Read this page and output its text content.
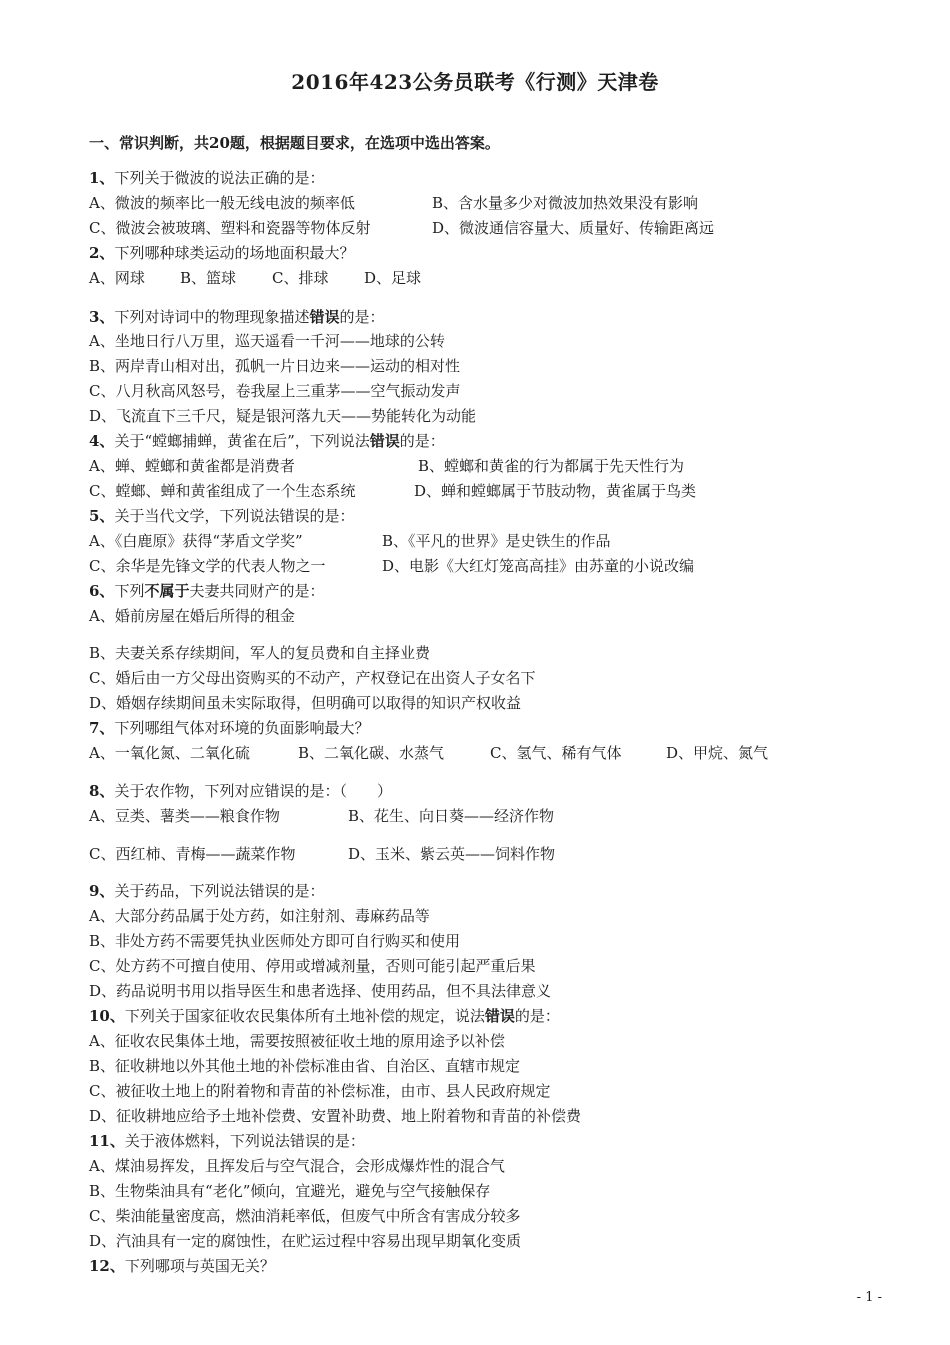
2016年423公务员联考《行测》天津卷
一、常识判断，共20题，根据题目要求，在选项中选出答案。
1、下列关于微波的说法正确的是：
A、微波的频率比一般无线电波的频率低	B、含水量多少对微波加热效果没有影响
C、微波会被玻璃、塑料和瓷器等物体反射	D、微波通信容量大、质量好、传输距离远
2、下列哪种球类运动的场地面积最大？
A、网球 B、篮球 C、排球 D、足球
3、下列对诗词中的物理现象描述错误的是：
A、坐地日行八万里，巡天遥看一千河——地球的公转
B、两岸青山相对出，孤帆一片日边来——运动的相对性
C、八月秋高风怒号，卷我屋上三重茅——空气振动发声
D、飞流直下三千尺，疑是银河落九天——势能转化为动能
4、关于“螳螂捕蝉，黄雀在后”，下列说法错误的是：
A、蝉、螳螂和黄雀都是消费者	B、螳螂和黄雀的行为都属于先天性行为
C、螳螂、蝉和黄雀组成了一个生态系统	D、蝉和螳螂属于节肢动物，黄雀属于鸟类
5、关于当代文学，下列说法错误的是：
A、《白鹿原》获得“茅盾文学奖”	B、《平凡的世界》是史铁生的作品
C、余华是先锋文学的代表人物之一	D、电影《大红灯笼高高挂》由苏童的小说改编
6、下列不属于夫妻共同财产的是：
A、婚前房屋在婚后所得的租金
B、夫妻关系存续期间，军人的复员费和自主择业费
C、婚后由一方父母出资购买的不动产，产权登记在出资人子女名下
D、婚姻存续期间虽未实际取得，但明确可以取得的知识产权收益
7、下列哪组气体对环境的负面影响最大？
A、一氧化氮、二氧化硫	B、二氧化碳、水蒸气	C、氢气、稀有气体	D、甲烷、氮气
8、关于农作物，下列对应错误的是：（　　）
A、豆类、薯类——粮食作物	B、花生、向日葵——经济作物
C、西红柿、青梅——蔬菜作物	D、玉米、紫云英——饲料作物
9、关于药品，下列说法错误的是：
A、大部分药品属于处方药，如注射剂、毒麻药品等
B、非处方药不需要凭执业医师处方即可自行购买和使用
C、处方药不可擅自使用、停用或增减剂量，否则可能引起严重后果
D、药品说明书用以指导医生和患者选择、使用药品，但不具法律意义
10、下列关于国家征收农民集体所有土地补偿的规定，说法错误的是：
A、征收农民集体土地，需要按照被征收土地的原用途予以补偿
B、征收耕地以外其他土地的补偿标准由省、自治区、直辖市规定
C、被征收土地上的附着物和青苗的补偿标准，由市、县人民政府规定
D、征收耕地应给予土地补偿费、安置补助费、地上附着物和青苗的补偿费
11、关于液体燃料，下列说法错误的是：
A、煤油易挥发，且挥发后与空气混合，会形成爆炸性的混合气
B、生物柴油具有“老化”倾向，宜避光，避免与空气接触保存
C、柴油能量密度高，燃油消耗率低，但废气中所含有害成分较多
D、汽油具有一定的腐蚀性，在贮运过程中容易出现早期氧化变质
12、下列哪项与英国无关？
- 1 -
